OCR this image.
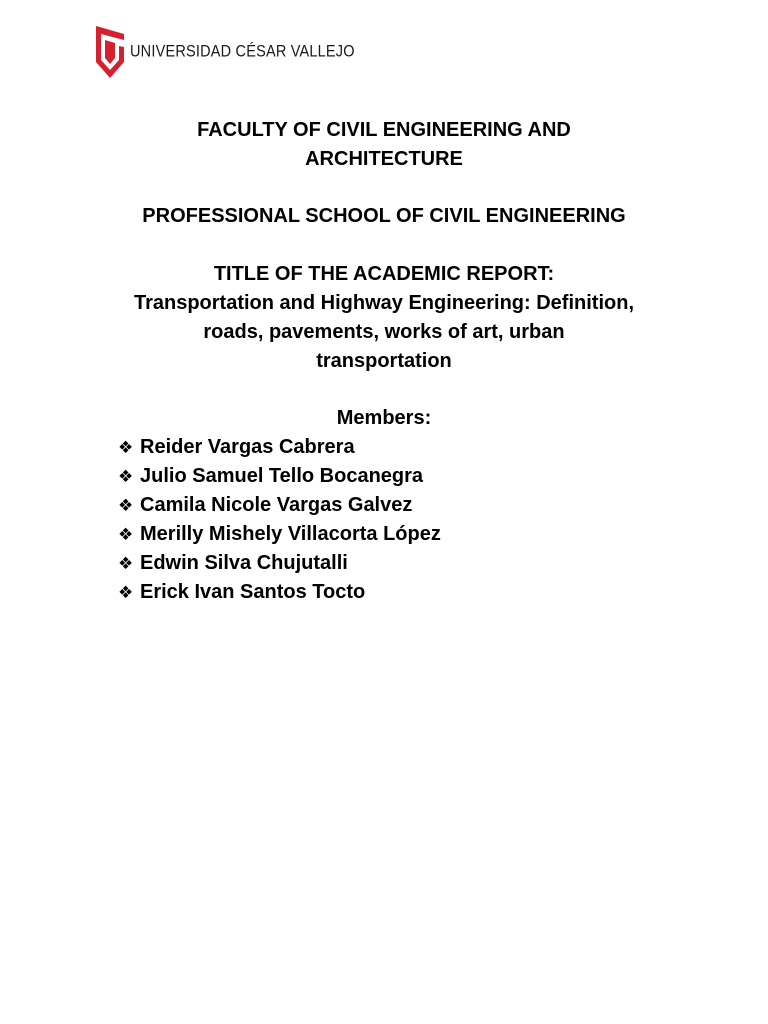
UNIVERSIDAD CÉSAR VALLEJO
FACULTY OF CIVIL ENGINEERING AND
ARCHITECTURE
PROFESSIONAL SCHOOL OF CIVIL ENGINEERING
TITLE OF THE ACADEMIC REPORT:
Transportation and Highway Engineering: Definition,
roads, pavements, works of art, urban
transportation
Members:
❖ Reider Vargas Cabrera
❖ Julio Samuel Tello Bocanegra
❖ Camila Nicole Vargas Galvez
❖ Merilly Mishely Villacorta López
❖ Edwin Silva Chujutalli
❖ Erick Ivan Santos Tocto
